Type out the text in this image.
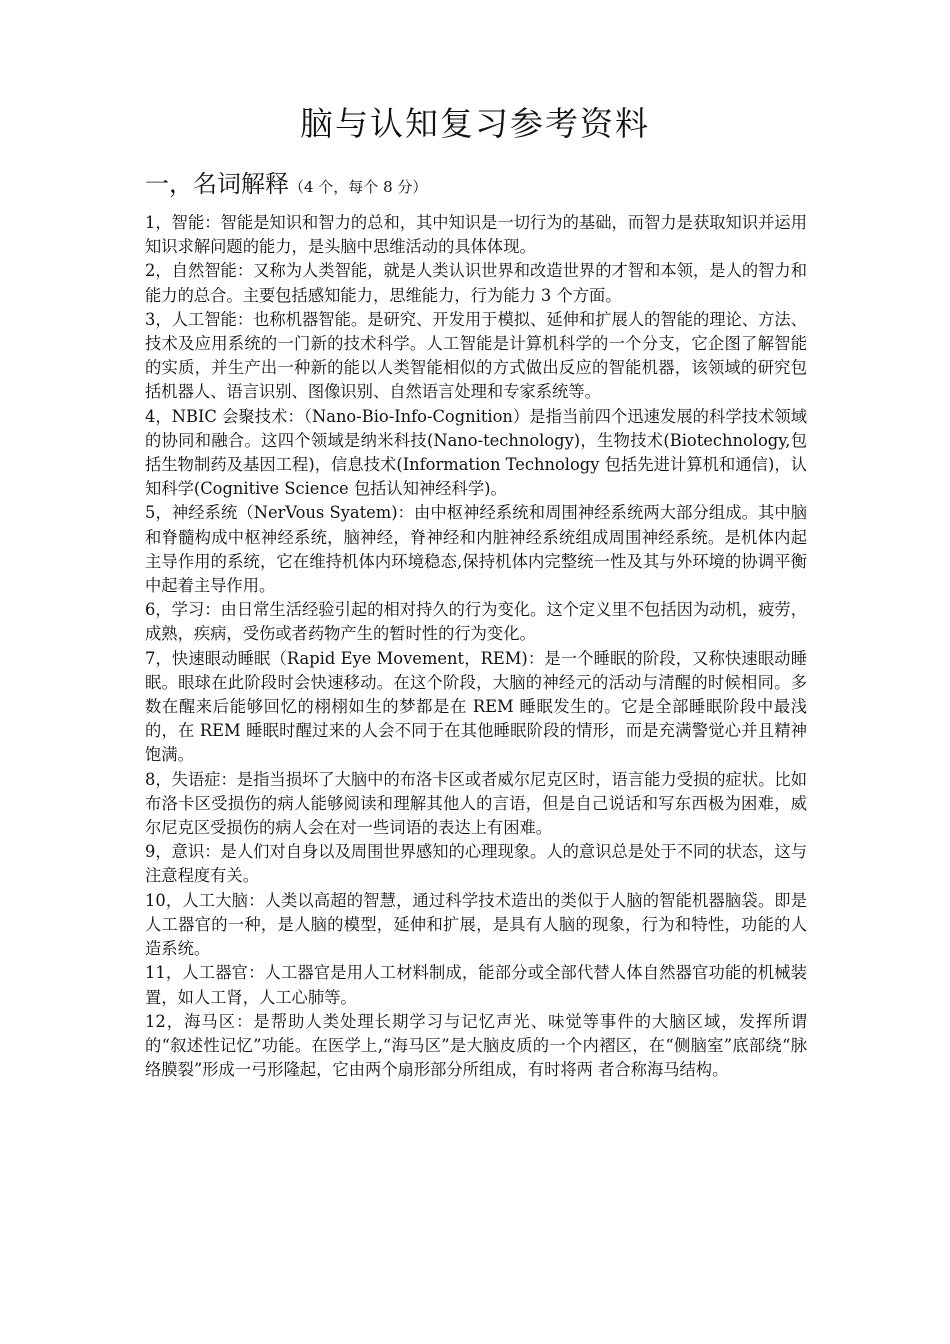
脑与认知复习参考资料
一，名词解释（4 个，每个 8 分）

1，智能：智能是知识和智力的总和，其中知识是一切行为的基础，而智力是获取知识并运用知识求解问题的能力，是头脑中思维活动的具体体现。

2，自然智能：又称为人类智能，就是人类认识世界和改造世界的才智和本领，是人的智力和能力的总合。主要包括感知能力，思维能力，行为能力 3 个方面。

3，人工智能：也称机器智能。是研究、开发用于模拟、延伸和扩展人的智能的理论、方法、技术及应用系统的一门新的技术科学。人工智能是计算机科学的一个分支，它企图了解智能的实质，并生产出一种新的能以人类智能相似的方式做出反应的智能机器，该领域的研究包括机器人、语言识别、图像识别、自然语言处理和专家系统等。

4，NBIC 会聚技术：（Nano-Bio-Info-Cognition）是指当前四个迅速发展的科学技术领域的协同和融合。这四个领域是纳米科技(Nano-technology)，生物技术(Biotechnology,包括生物制药及基因工程)，信息技术(Information Technology 包括先进计算机和通信)，认知科学(Cognitive Science 包括认知神经科学)。

5，神经系统（NerVous Syatem)：由中枢神经系统和周围神经系统两大部分组成。其中脑和脊髓构成中枢神经系统，脑神经，脊神经和内脏神经系统组成周围神经系统。是机体内起主导作用的系统，它在维持机体内环境稳态,保持机体内完整统一性及其与外环境的协调平衡中起着主导作用。

6，学习：由日常生活经验引起的相对持久的行为变化。这个定义里不包括因为动机，疲劳，成熟，疾病，受伤或者药物产生的暂时性的行为变化。

7，快速眼动睡眠（Rapid Eye Movement，REM)：是一个睡眠的阶段，又称快速眼动睡眠。眼球在此阶段时会快速移动。在这个阶段，大脑的神经元的活动与清醒的时候相同。多数在醒来后能够回忆的栩栩如生的梦都是在 REM 睡眠发生的。它是全部睡眠阶段中最浅的，在 REM 睡眠时醒过来的人会不同于在其他睡眠阶段的情形，而是充满警觉心并且精神饱满。

8，失语症：是指当损坏了大脑中的布洛卡区或者威尔尼克区时，语言能力受损的症状。比如布洛卡区受损伤的病人能够阅读和理解其他人的言语，但是自己说话和写东西极为困难，威尔尼克区受损伤的病人会在对一些词语的表达上有困难。

9，意识：是人们对自身以及周围世界感知的心理现象。人的意识总是处于不同的状态，这与注意程度有关。

10，人工大脑：人类以高超的智慧，通过科学技术造出的类似于人脑的智能机器脑袋。即是人工器官的一种，是人脑的模型，延伸和扩展，是具有人脑的现象，行为和特性，功能的人造系统。

11，人工器官：人工器官是用人工材料制成，能部分或全部代替人体自然器官功能的机械装置，如人工肾，人工心肺等。

12，海马区：是帮助人类处理长期学习与记忆声光、味觉等事件的大脑区域，发挥所谓的“叙述性记忆”功能。在医学上,“海马区”是大脑皮质的一个内褶区，在“侧脑室”底部绕“脉络膜裂”形成一弓形隆起，它由两个扇形部分所组成，有时将两 者合称海马结构。
